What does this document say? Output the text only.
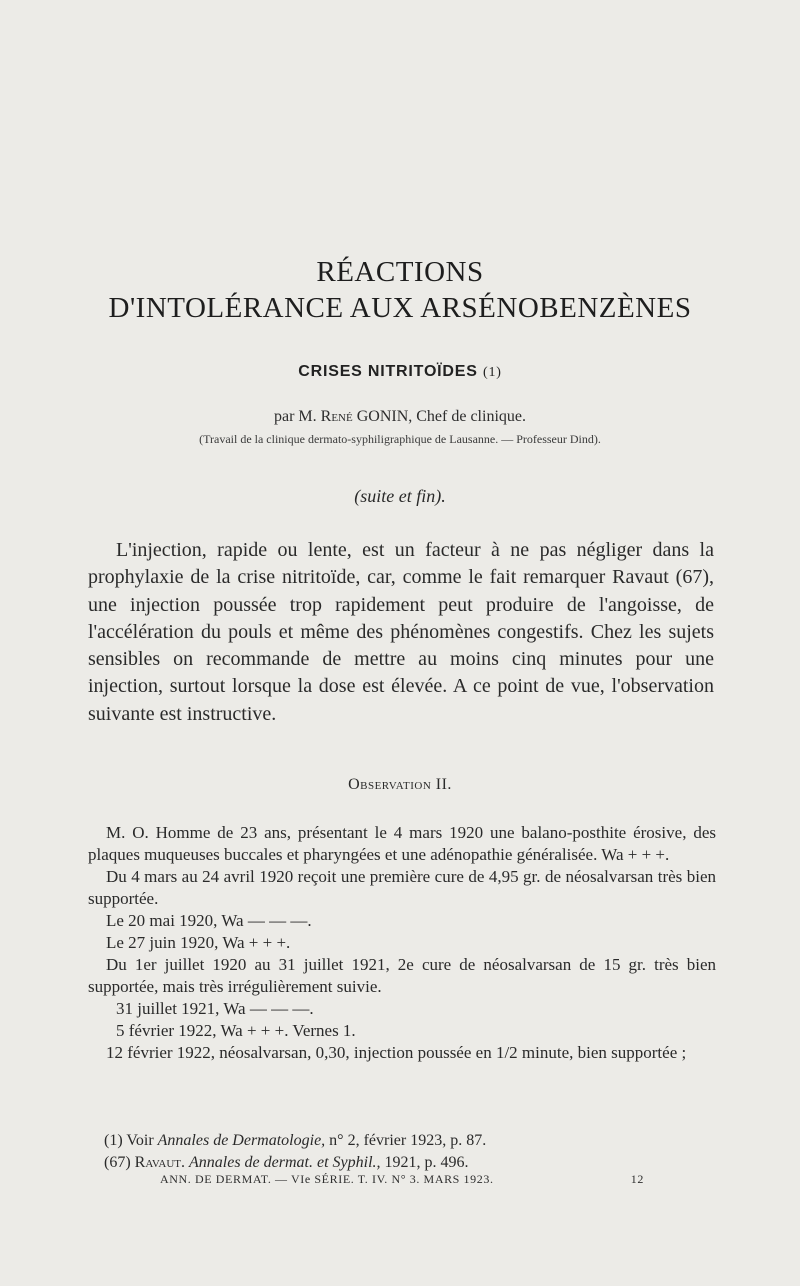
RÉACTIONS
D'INTOLÉRANCE AUX ARSÉNOBENZÈNES
CRISES NITRITOÏDES (1)
par M. René GONIN, Chef de clinique.
(Travail de la clinique dermato-syphiligraphique de Lausanne. — Professeur Dind).
(suite et fin).

L'injection, rapide ou lente, est un facteur à ne pas négliger dans la prophylaxie de la crise nitritoïde, car, comme le fait remarquer Ravaut (67), une injection poussée trop rapidement peut produire de l'angoisse, de l'accélération du pouls et même des phénomènes congestifs. Chez les sujets sensibles on recommande de mettre au moins cinq minutes pour une injection, surtout lorsque la dose est élevée. A ce point de vue, l'observation suivante est instructive.

Observation II.

M. O. Homme de 23 ans, présentant le 4 mars 1920 une balano-posthite érosive, des plaques muqueuses buccales et pharyngées et une adénopathie généralisée. Wa + + +.

Du 4 mars au 24 avril 1920 reçoit une première cure de 4,95 gr. de néosalvarsan très bien supportée.

Le 20 mai 1920, Wa — — —.

Le 27 juin 1920, Wa + + +.

Du 1er juillet 1920 au 31 juillet 1921, 2e cure de néosalvarsan de 15 gr. très bien supportée, mais très irrégulièrement suivie.

31 juillet 1921, Wa — — —.

5 février 1922, Wa + + +. Vernes 1.

12 février 1922, néosalvarsan, 0,30, injection poussée en 1/2 minute, bien supportée ;

(1) Voir Annales de Dermatologie, n° 2, février 1923, p. 87.
(67) Ravaut. Annales de dermat. et Syphil., 1921, p. 496.
ANN. DE DERMAT. — VIe SÉRIE. T. IV. N° 3. MARS 1923.	12
